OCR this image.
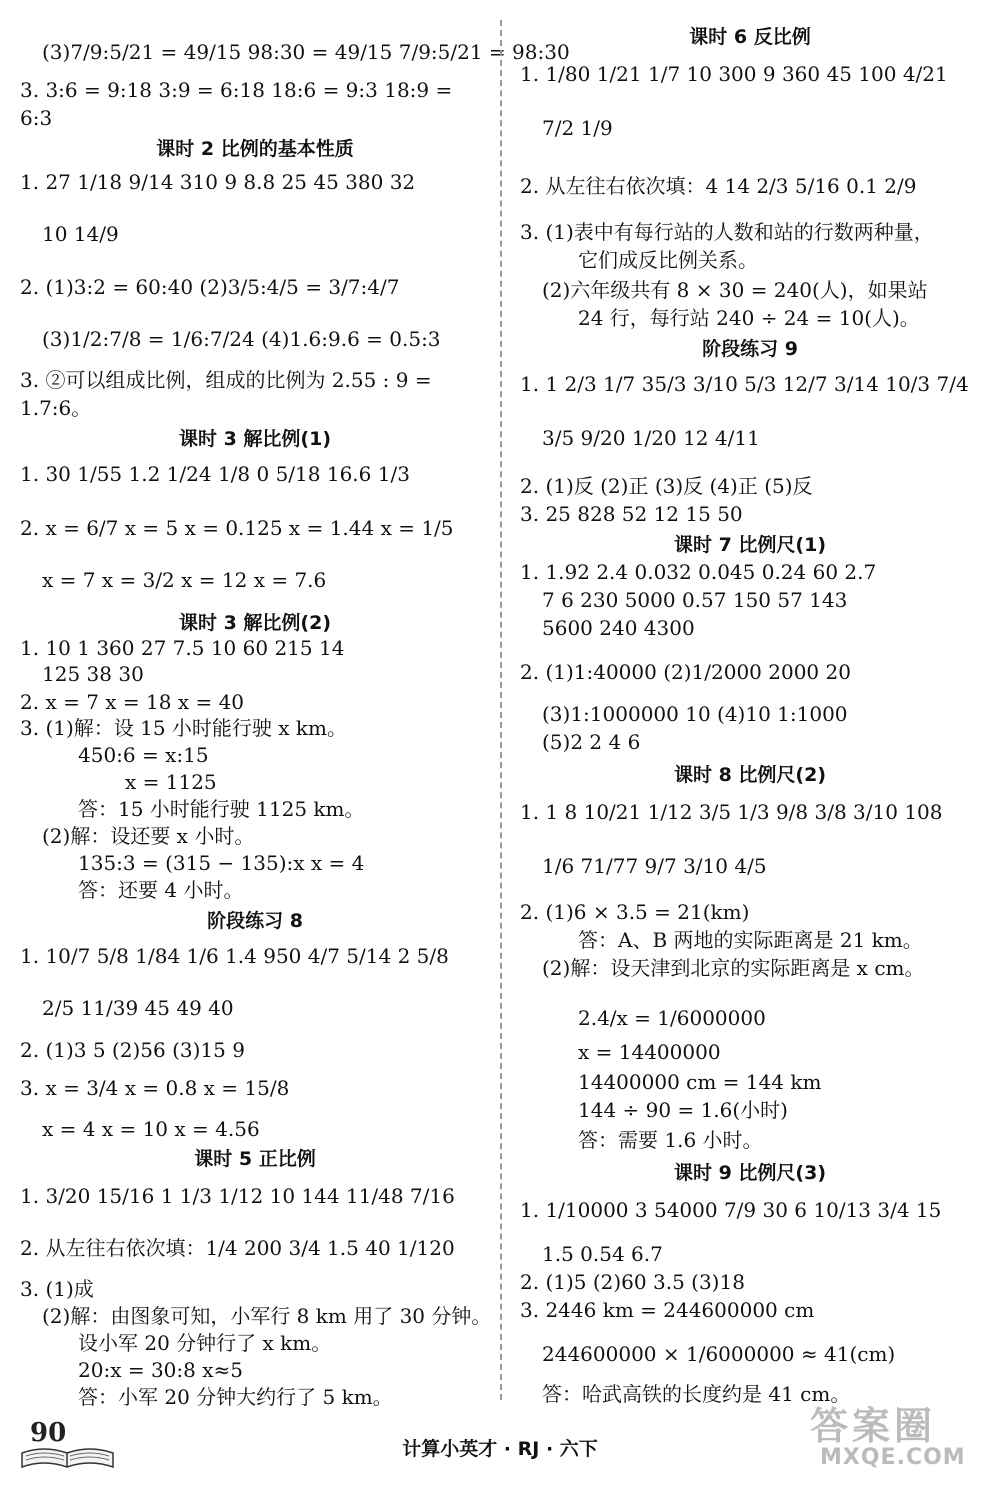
(3)7/9:5/21 = 49/15 98:30 = 49/15 7/9:5/21 = 98:30
3. 3:6 = 9:18 3:9 = 6:18 18:6 = 9:3 18:9 =
6:3
课时 2 比例的基本性质
1. 27 1/18 9/14 310 9 8.8 25 45 380 32
10 14/9
2. (1)3:2 = 60:40 (2)3/5:4/5 = 3/7:4/7
(3)1/2:7/8 = 1/6:7/24 (4)1.6:9.6 = 0.5:3
3. ②可以组成比例，组成的比例为 2.55 : 9 =
1.7:6。
课时 3 解比例(1)
1. 30 1/55 1.2 1/24 1/8 0 5/18 16.6 1/3
2. x = 6/7 x = 5 x = 0.125 x = 1.44 x = 1/5
x = 7 x = 3/2 x = 12 x = 7.6
课时 3 解比例(2)
1. 10 1 360 27 7.5 10 60 215 14
125 38 30
2. x = 7 x = 18 x = 40
3. (1)解：设 15 小时能行驶 x km。
450:6 = x:15
x = 1125
答：15 小时能行驶 1125 km。
(2)解：设还要 x 小时。
135:3 = (315 − 135):x x = 4
答：还要 4 小时。
阶段练习 8
1. 10/7 5/8 1/84 1/6 1.4 950 4/7 5/14 2 5/8
2/5 11/39 45 49 40
2. (1)3 5 (2)56 (3)15 9
3. x = 3/4 x = 0.8 x = 15/8
x = 4 x = 10 x = 4.56
课时 5 正比例
1. 3/20 15/16 1 1/3 1/12 10 144 11/48 7/16
2. 从左往右依次填：1/4 200 3/4 1.5 40 1/120
3. (1)成
(2)解：由图象可知，小军行 8 km 用了 30 分钟。
设小军 20 分钟行了 x km。
20:x = 30:8 x≈5
答：小军 20 分钟大约行了 5 km。
课时 6 反比例
1. 1/80 1/21 1/7 10 300 9 360 45 100 4/21
7/2 1/9
2. 从左往右依次填：4 14 2/3 5/16 0.1 2/9
3. (1)表中有每行站的人数和站的行数两种量，
它们成反比例关系。
(2)六年级共有 8 × 30 = 240(人)，如果站
24 行，每行站 240 ÷ 24 = 10(人)。
阶段练习 9
1. 1 2/3 1/7 35/3 3/10 5/3 12/7 3/14 10/3 7/4
3/5 9/20 1/20 12 4/11
2. (1)反 (2)正 (3)反 (4)正 (5)反
3. 25 828 52 12 15 50
课时 7 比例尺(1)
1. 1.92 2.4 0.032 0.045 0.24 60 2.7
7 6 230 5000 0.57 150 57 143
5600 240 4300
2. (1)1:40000 (2)1/2000 2000 20
(3)1:1000000 10 (4)10 1:1000
(5)2 2 4 6
课时 8 比例尺(2)
1. 1 8 10/21 1/12 3/5 1/3 9/8 3/8 3/10 108
1/6 71/77 9/7 3/10 4/5
2. (1)6 × 3.5 = 21(km)
答：A、B 两地的实际距离是 21 km。
(2)解：设天津到北京的实际距离是 x cm。
2.4/x = 1/6000000
x = 14400000
14400000 cm = 144 km
144 ÷ 90 = 1.6(小时)
答：需要 1.6 小时。
课时 9 比例尺(3)
1. 1/10000 3 54000 7/9 30 6 10/13 3/4 15
1.5 0.54 6.7
2. (1)5 (2)60 3.5 (3)18
3. 2446 km = 244600000 cm
244600000 × 1/6000000 ≈ 41(cm)
答：哈武高铁的长度约是 41 cm。
90
计算小英才 · RJ · 六下
答案圈
MXQE.COM
